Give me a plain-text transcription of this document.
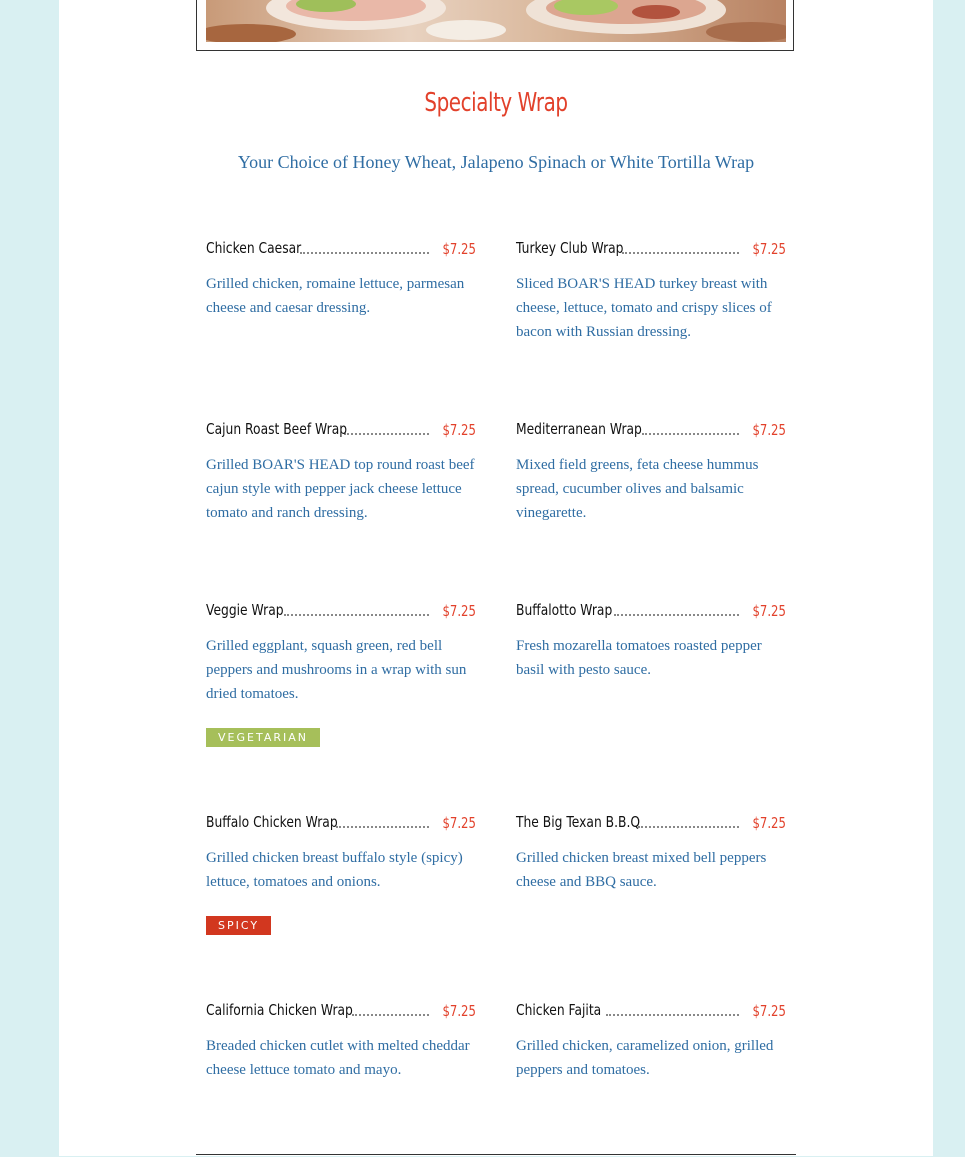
Specialty Wrap
Your Choice of Honey Wheat, Jalapeno Spinach or White Tortilla Wrap
Chicken Caesar	$7.25
Grilled chicken, romaine lettuce, parmesan cheese and caesar dressing.
Turkey Club Wrap	$7.25
Sliced BOAR'S HEAD turkey breast with cheese, lettuce, tomato and crispy slices of bacon with Russian dressing.
Cajun Roast Beef Wrap	$7.25
Grilled BOAR'S HEAD top round roast beef cajun style with pepper jack cheese lettuce tomato and ranch dressing.
Mediterranean Wrap	$7.25
Mixed field greens, feta cheese hummus spread, cucumber olives and balsamic vinegarette.
Veggie Wrap	$7.25
Grilled eggplant, squash green, red bell peppers and mushrooms in a wrap with sun dried tomatoes.
VEGETARIAN
Buffalotto Wrap	$7.25
Fresh mozarella tomatoes roasted pepper basil with pesto sauce.
Buffalo Chicken Wrap	$7.25
Grilled chicken breast buffalo style (spicy) lettuce, tomatoes and onions.
SPICY
The Big Texan B.B.Q	$7.25
Grilled chicken breast mixed bell peppers cheese and BBQ sauce.
California Chicken Wrap	$7.25
Breaded chicken cutlet with melted cheddar cheese lettuce tomato and mayo.
Chicken Fajita	$7.25
Grilled chicken, caramelized onion, grilled peppers and tomatoes.
